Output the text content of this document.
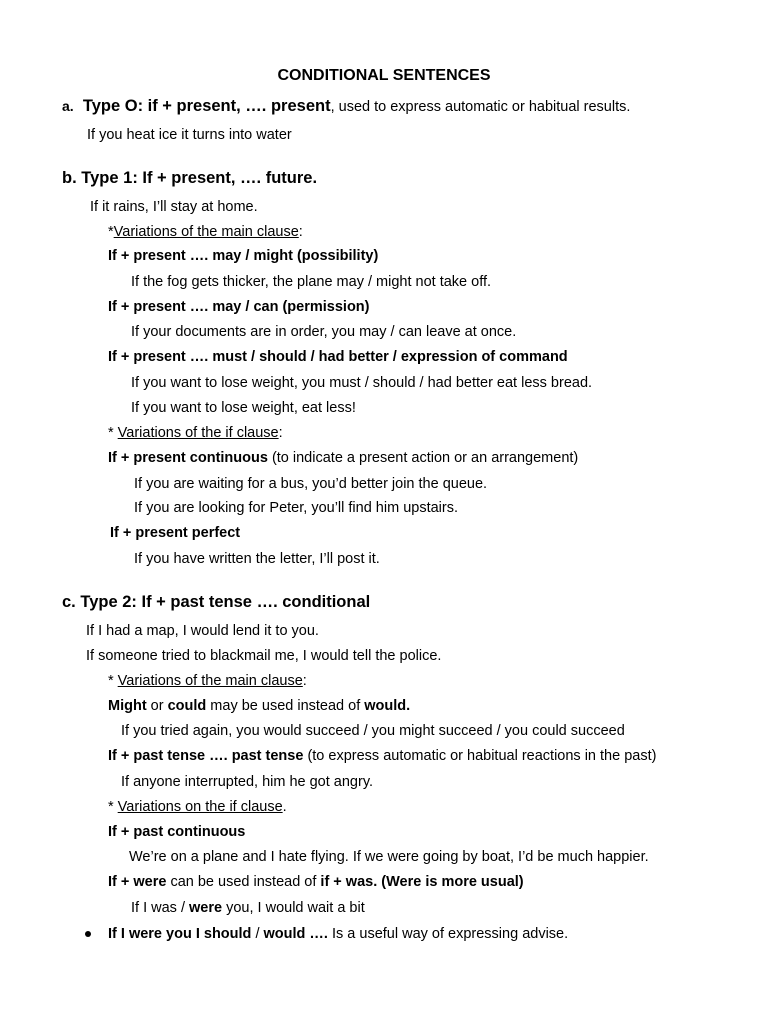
CONDITIONAL SENTENCES
a. Type O: if + present, …. present, used to express automatic or habitual results.
If you heat ice it turns into water
b. Type 1: If + present, …. future.
If it rains, I’ll stay at home.
*Variations of the main clause:
If + present …. may / might (possibility)
If the fog gets thicker, the plane may / might not take off.
If + present …. may / can (permission)
If your documents are in order, you may / can leave at once.
If + present …. must / should / had better / expression of command
If you want to lose weight, you must / should / had better eat less bread.
If you want to lose weight, eat less!
* Variations of the if clause:
If + present continuous (to indicate a present action or an arrangement)
If you are waiting for a bus, you’d better join the queue.
If you are looking for Peter, you’ll find him upstairs.
If + present perfect
If you have written the letter, I’ll post it.
c. Type 2: If + past tense …. conditional
If I had a map, I would lend it to you.
If someone tried to blackmail me, I would tell the police.
* Variations of the main clause:
Might or could may be used instead of would.
If you tried again, you would succeed / you might succeed / you could succeed
If + past tense …. past tense (to express automatic or habitual reactions in the past)
If anyone interrupted, him he got angry.
* Variations on the if clause.
If + past continuous
We’re on a plane and I hate flying. If we were going by boat, I’d be much happier.
If + were can be used instead of if + was. (Were is more usual)
If I was / were you, I would wait a bit
If I were you I should / would …. Is a useful way of expressing advise.
